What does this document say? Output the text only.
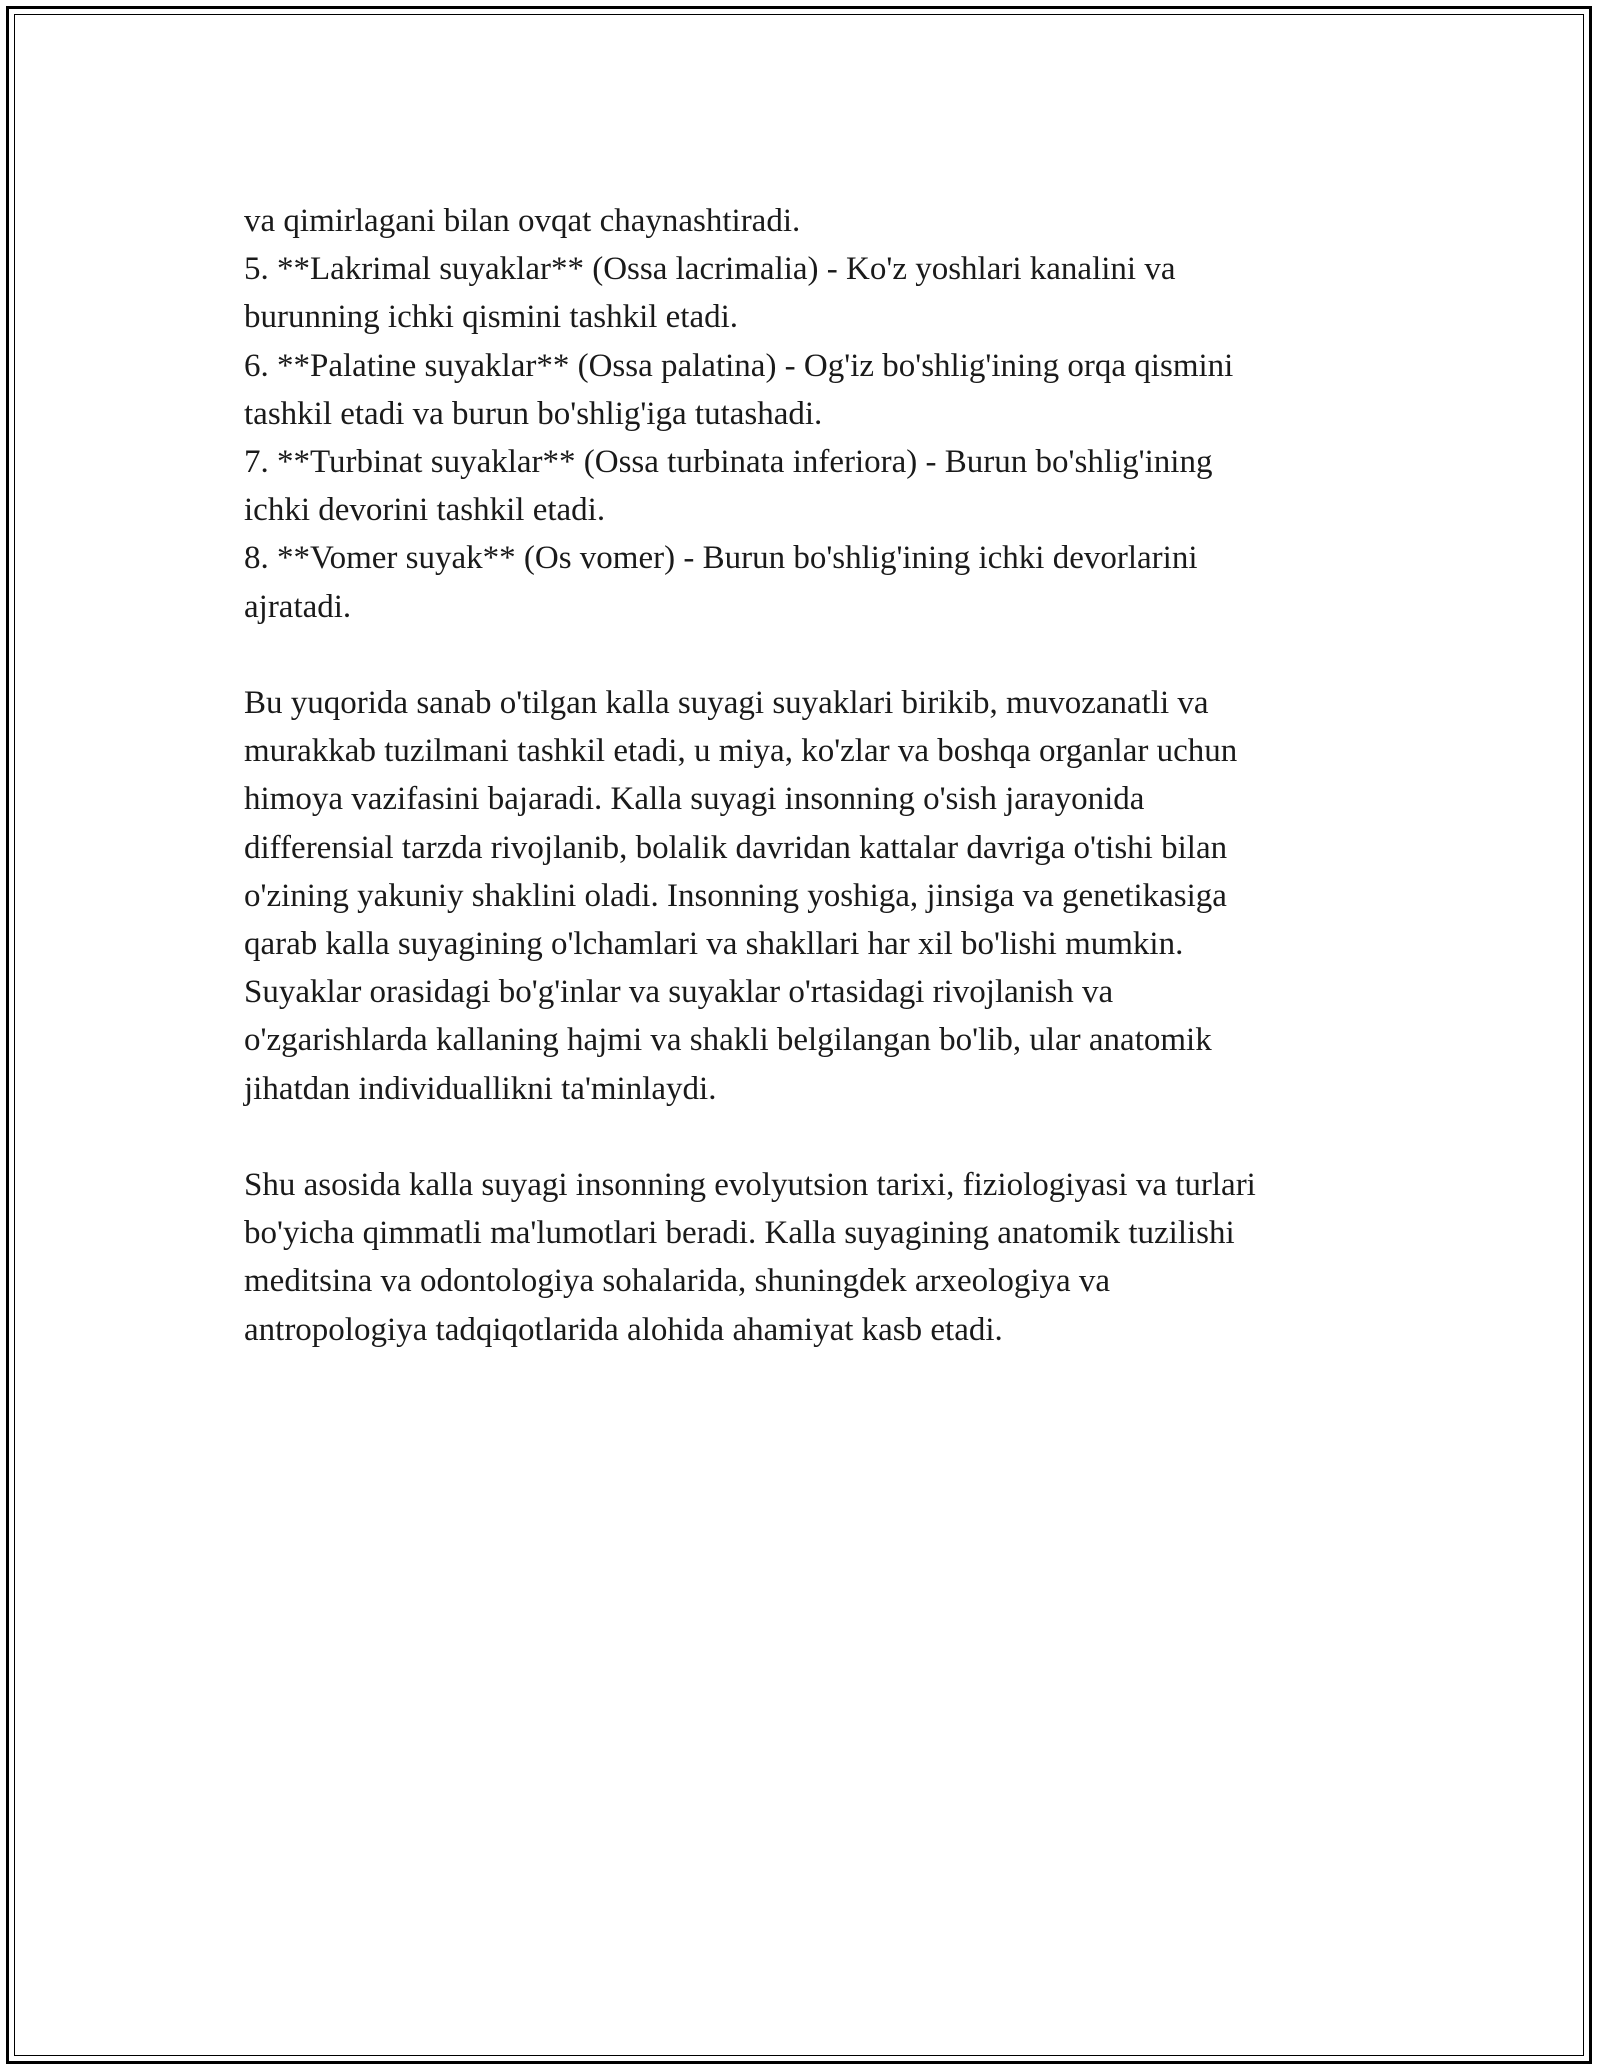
va qimirlagani bilan ovqat chaynashtiradi.
5. **Lakrimal suyaklar** (Ossa lacrimalia) - Ko'z yoshlari kanalini va
burunning ichki qismini tashkil etadi.
6. **Palatine suyaklar** (Ossa palatina) - Og'iz bo'shlig'ining orqa qismini
tashkil etadi va burun bo'shlig'iga tutashadi.
7. **Turbinat suyaklar** (Ossa turbinata inferiora) - Burun bo'shlig'ining
ichki devorini tashkil etadi.
8. **Vomer suyak** (Os vomer) - Burun bo'shlig'ining ichki devorlarini
ajratadi.
Bu yuqorida sanab o'tilgan kalla suyagi suyaklari birikib, muvozanatli va
murakkab tuzilmani tashkil etadi, u miya, ko'zlar va boshqa organlar uchun
himoya vazifasini bajaradi. Kalla suyagi insonning o'sish jarayonida
differensial tarzda rivojlanib, bolalik davridan kattalar davriga o'tishi bilan
o'zining yakuniy shaklini oladi. Insonning yoshiga, jinsiga va genetikasiga
qarab kalla suyagining o'lchamlari va shakllari har xil bo'lishi mumkin.
Suyaklar orasidagi bo'g'inlar va suyaklar o'rtasidagi rivojlanish va
o'zgarishlarda kallaning hajmi va shakli belgilangan bo'lib, ular anatomik
jihatdan individuallikni ta'minlaydi.
Shu asosida kalla suyagi insonning evolyutsion tarixi, fiziologiyasi va turlari
bo'yicha qimmatli ma'lumotlari beradi. Kalla suyagining anatomik tuzilishi
meditsina va odontologiya sohalarida, shuningdek arxeologiya va
antropologiya tadqiqotlarida alohida ahamiyat kasb etadi.
